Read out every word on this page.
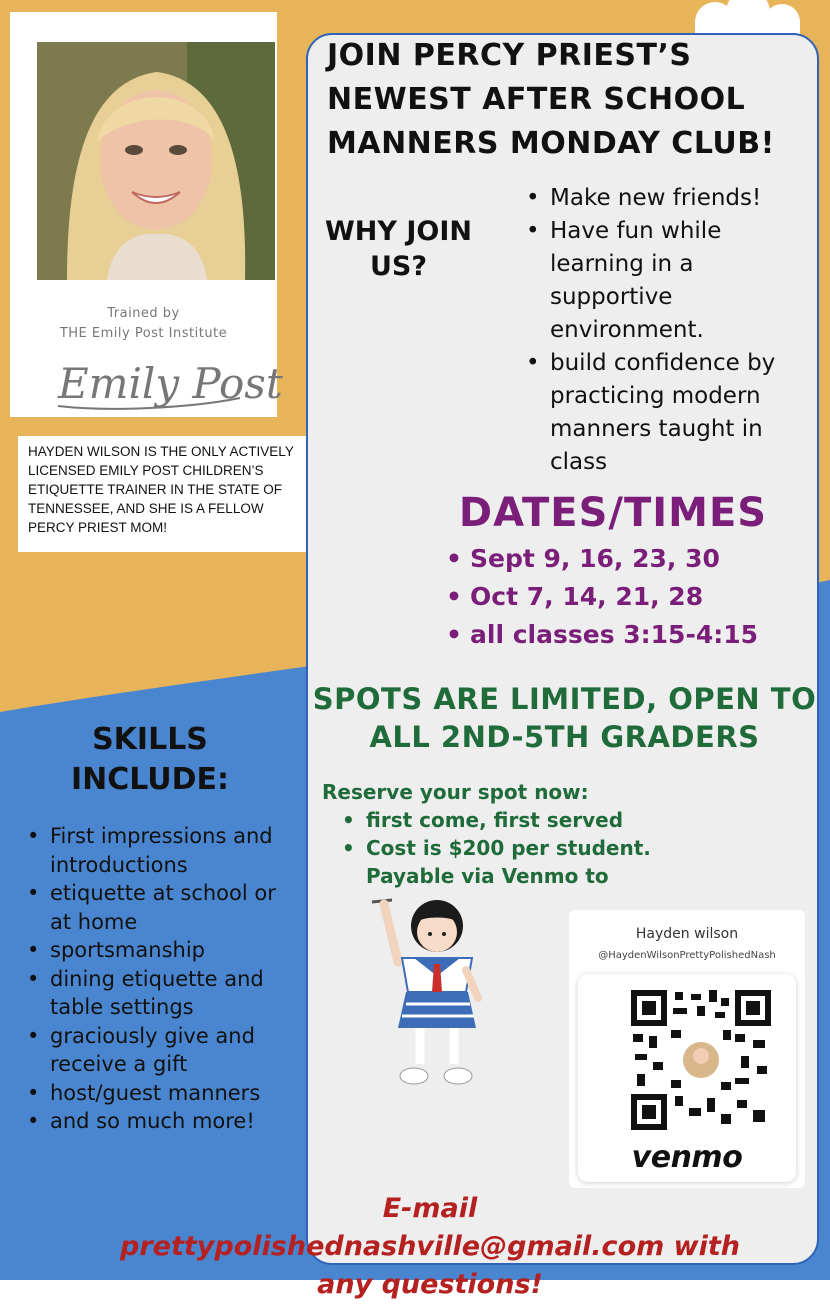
Trained by
THE Emily Post Institute
Emily Post
HAYDEN WILSON IS THE ONLY ACTIVELY LICENSED EMILY POST CHILDREN’S ETIQUETTE TRAINER IN THE STATE OF TENNESSEE, AND SHE IS A FELLOW PERCY PRIEST MOM!
JOIN PERCY PRIEST’S NEWEST AFTER SCHOOL MANNERS MONDAY CLUB!
WHY JOIN US?
• Make new friends!
• Have fun while learning in a supportive environment.
• build confidence by practicing modern manners taught in class
DATES/TIMES
• Sept 9, 16, 23, 30
• Oct 7, 14, 21, 28
• all classes 3:15-4:15
SPOTS ARE LIMITED, OPEN TO ALL 2ND-5TH GRADERS
Reserve your spot now:
• first come, first served
• Cost is $200 per student. Payable via Venmo to
SKILLS INCLUDE:
• First impressions and introductions
• etiquette at school or at home
• sportsmanship
• dining etiquette and table settings
• graciously give and receive a gift
• host/guest manners
• and so much more!
Hayden wilson
@HaydenWilsonPrettyPolishedNash
venmo
E-mail prettypolishednashville@gmail.com with any questions!
